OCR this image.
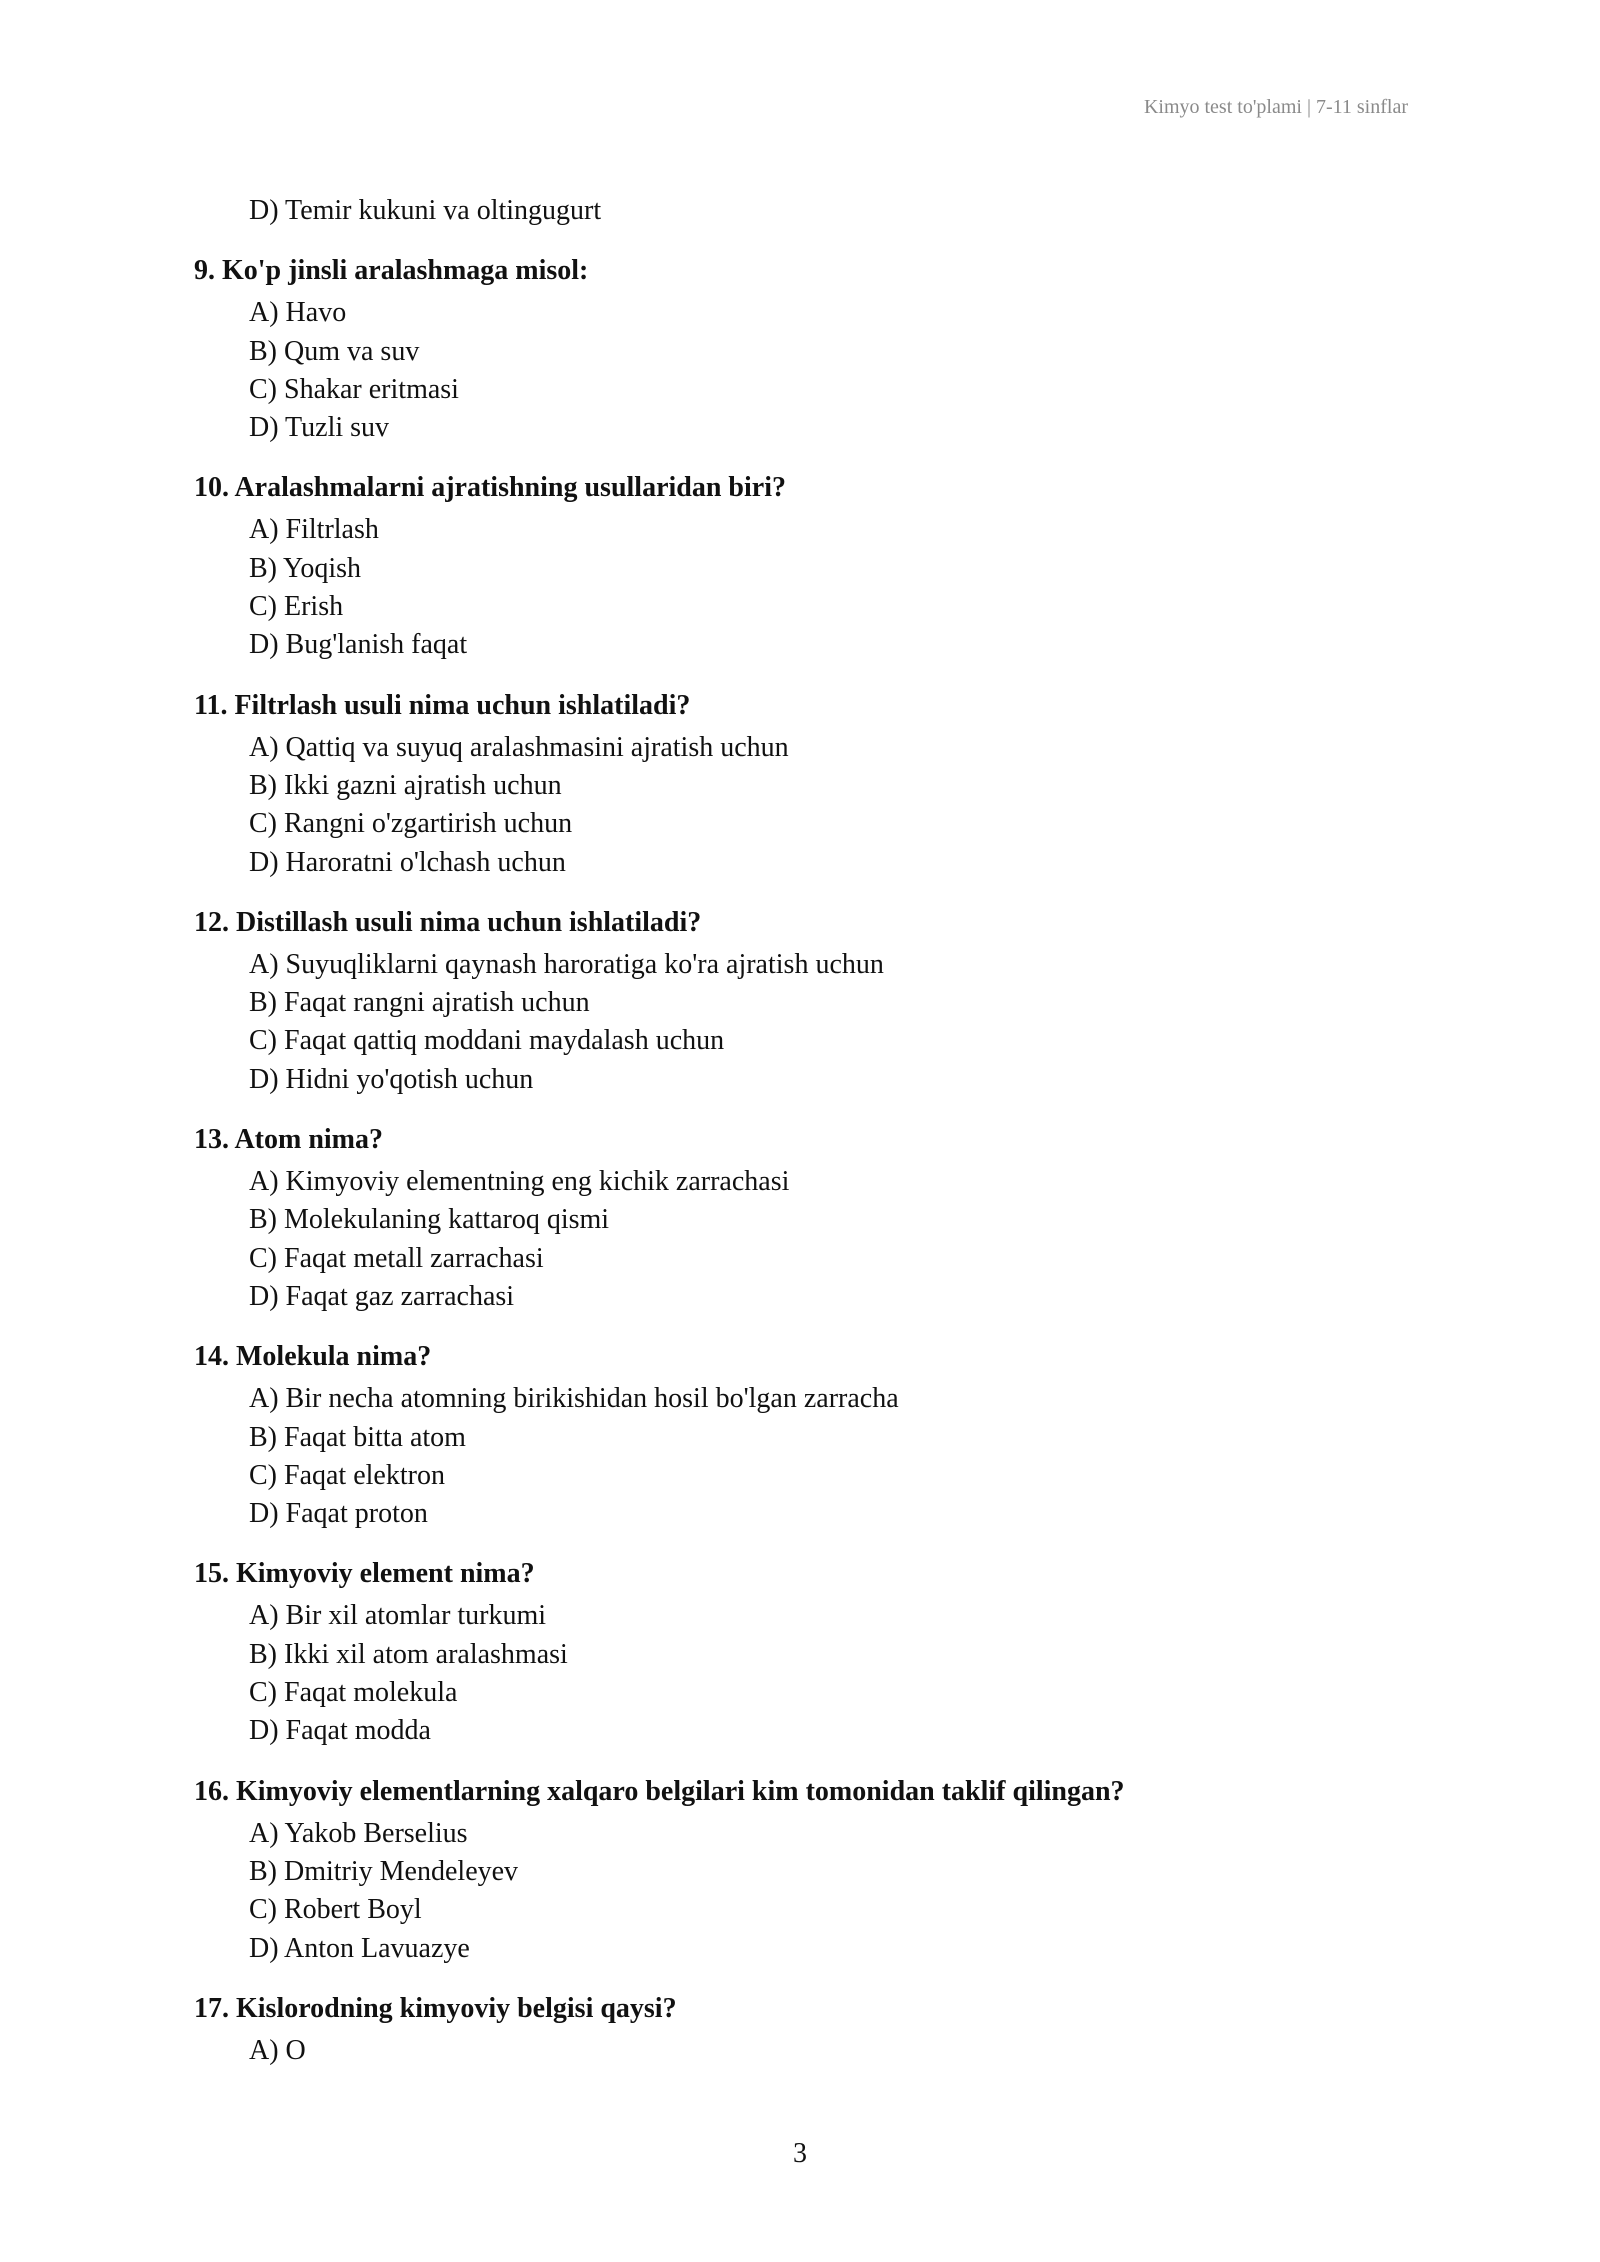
Kimyo test to'plami | 7-11 sinflar
D) Temir kukuni va oltingugurt
9. Ko'p jinsli aralashmaga misol:
A) Havo
B) Qum va suv
C) Shakar eritmasi
D) Tuzli suv
10. Aralashmalarni ajratishning usullaridan biri?
A) Filtrlash
B) Yoqish
C) Erish
D) Bug'lanish faqat
11. Filtrlash usuli nima uchun ishlatiladi?
A) Qattiq va suyuq aralashmasini ajratish uchun
B) Ikki gazni ajratish uchun
C) Rangni o'zgartirish uchun
D) Haroratni o'lchash uchun
12. Distillash usuli nima uchun ishlatiladi?
A) Suyuqliklarni qaynash haroratiga ko'ra ajratish uchun
B) Faqat rangni ajratish uchun
C) Faqat qattiq moddani maydalash uchun
D) Hidni yo'qotish uchun
13. Atom nima?
A) Kimyoviy elementning eng kichik zarrachasi
B) Molekulaning kattaroq qismi
C) Faqat metall zarrachasi
D) Faqat gaz zarrachasi
14. Molekula nima?
A) Bir necha atomning birikishidan hosil bo'lgan zarracha
B) Faqat bitta atom
C) Faqat elektron
D) Faqat proton
15. Kimyoviy element nima?
A) Bir xil atomlar turkumi
B) Ikki xil atom aralashmasi
C) Faqat molekula
D) Faqat modda
16. Kimyoviy elementlarning xalqaro belgilari kim tomonidan taklif qilingan?
A) Yakob Berselius
B) Dmitriy Mendeleyev
C) Robert Boyl
D) Anton Lavuazye
17. Kislorodning kimyoviy belgisi qaysi?
A) O
3
